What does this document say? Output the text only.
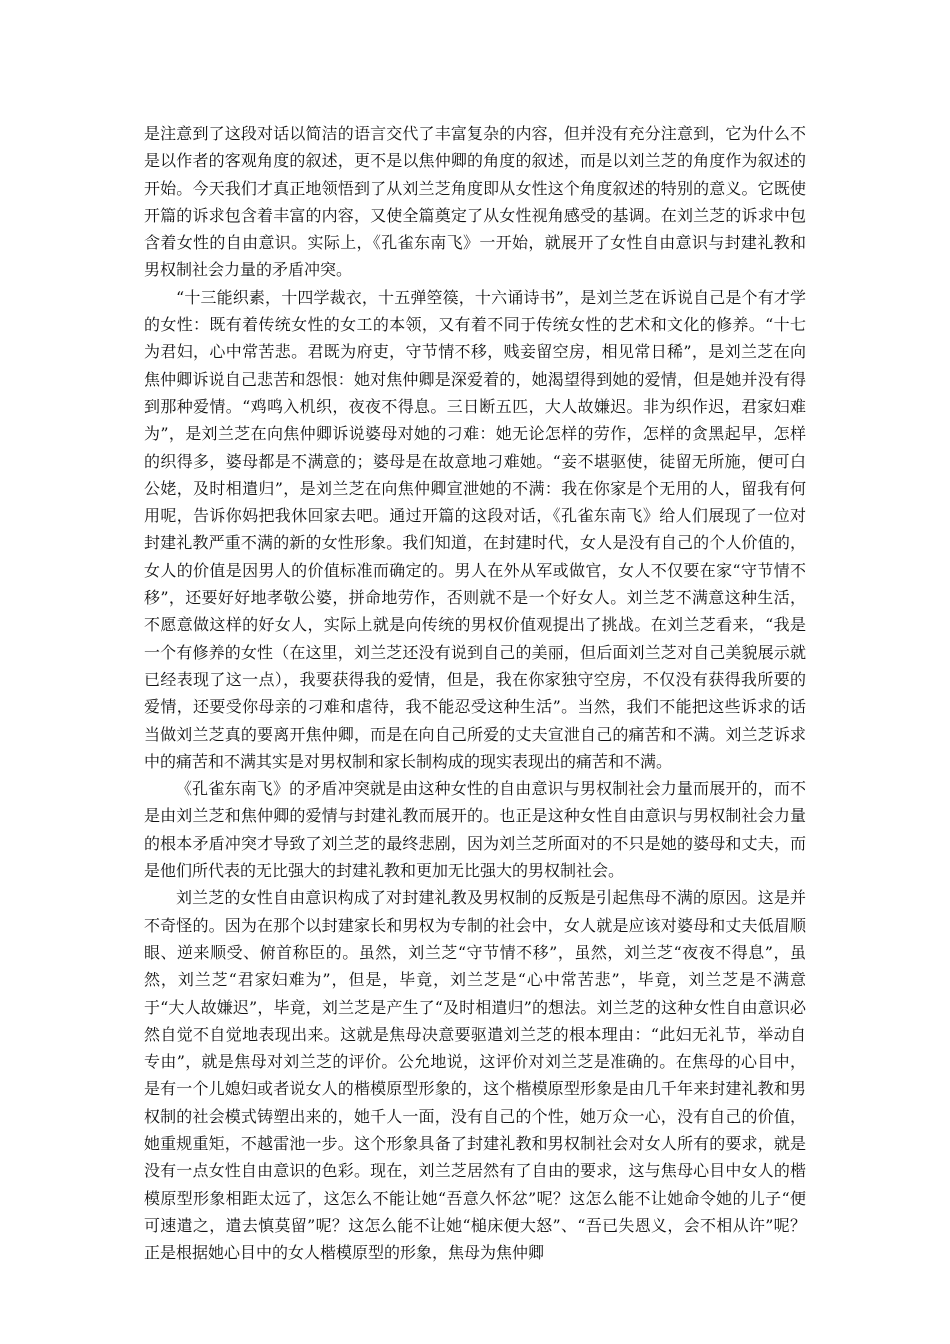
是注意到了这段对话以简洁的语言交代了丰富复杂的内容，但并没有充分注意到，它为什么不是以作者的客观角度的叙述，更不是以焦仲卿的角度的叙述，而是以刘兰芝的角度作为叙述的开始。今天我们才真正地领悟到了从刘兰芝角度即从女性这个角度叙述的特别的意义。它既使开篇的诉求包含着丰富的内容，又使全篇奠定了从女性视角感受的基调。在刘兰芝的诉求中包含着女性的自由意识。实际上，《孔雀东南飞》一开始，就展开了女性自由意识与封建礼教和男权制社会力量的矛盾冲突。

“十三能织素，十四学裁衣，十五弹箜篌，十六诵诗书”，是刘兰芝在诉说自己是个有才学的女性：既有着传统女性的女工的本领，又有着不同于传统女性的艺术和文化的修养。“十七为君妇，心中常苦悲。君既为府吏，守节情不移，贱妾留空房，相见常日稀”，是刘兰芝在向焦仲卿诉说自己悲苦和怨恨：她对焦仲卿是深爱着的，她渴望得到她的爱情，但是她并没有得到那种爱情。“鸡鸣入机织，夜夜不得息。三日断五匹，大人故嫌迟。非为织作迟，君家妇难为”，是刘兰芝在向焦仲卿诉说婆母对她的刁难：她无论怎样的劳作，怎样的贪黑起早，怎样的织得多，婆母都是不满意的；婆母是在故意地刁难她。“妾不堪驱使，徒留无所施，便可白公姥，及时相遣归”，是刘兰芝在向焦仲卿宣泄她的不满：我在你家是个无用的人，留我有何用呢，告诉你妈把我休回家去吧。通过开篇的这段对话，《孔雀东南飞》给人们展现了一位对封建礼教严重不满的新的女性形象。我们知道，在封建时代，女人是没有自己的个人价值的，女人的价值是因男人的价值标准而确定的。男人在外从军或做官，女人不仅要在家“守节情不移”，还要好好地孝敬公婆，拼命地劳作，否则就不是一个好女人。刘兰芝不满意这种生活，不愿意做这样的好女人，实际上就是向传统的男权价值观提出了挑战。在刘兰芝看来，“我是一个有修养的女性（在这里，刘兰芝还没有说到自己的美丽，但后面刘兰芝对自己美貌展示就已经表现了这一点），我要获得我的爱情，但是，我在你家独守空房，不仅没有获得我所要的爱情，还要受你母亲的刁难和虐待，我不能忍受这种生活”。当然，我们不能把这些诉求的话当做刘兰芝真的要离开焦仲卿，而是在向自己所爱的丈夫宣泄自己的痛苦和不满。刘兰芝诉求中的痛苦和不满其实是对男权制和家长制构成的现实表现出的痛苦和不满。

《孔雀东南飞》的矛盾冲突就是由这种女性的自由意识与男权制社会力量而展开的，而不是由刘兰芝和焦仲卿的爱情与封建礼教而展开的。也正是这种女性自由意识与男权制社会力量的根本矛盾冲突才导致了刘兰芝的最终悲剧，因为刘兰芝所面对的不只是她的婆母和丈夫，而是他们所代表的无比强大的封建礼教和更加无比强大的男权制社会。

刘兰芝的女性自由意识构成了对封建礼教及男权制的反叛是引起焦母不满的原因。这是并不奇怪的。因为在那个以封建家长和男权为专制的社会中，女人就是应该对婆母和丈夫低眉顺眼、逆来顺受、俯首称臣的。虽然，刘兰芝“守节情不移”，虽然，刘兰芝“夜夜不得息”，虽然，刘兰芝“君家妇难为”，但是，毕竟，刘兰芝是“心中常苦悲”，毕竟，刘兰芝是不满意于“大人故嫌迟”，毕竟，刘兰芝是产生了“及时相遣归”的想法。刘兰芝的这种女性自由意识必然自觉不自觉地表现出来。这就是焦母决意要驱遣刘兰芝的根本理由：“此妇无礼节，举动自专由”，就是焦母对刘兰芝的评价。公允地说，这评价对刘兰芝是准确的。在焦母的心目中，是有一个儿媳妇或者说女人的楷模原型形象的，这个楷模原型形象是由几千年来封建礼教和男权制的社会模式铸塑出来的，她千人一面，没有自己的个性，她万众一心，没有自己的价值，她重规重矩，不越雷池一步。这个形象具备了封建礼教和男权制社会对女人所有的要求，就是没有一点女性自由意识的色彩。现在，刘兰芝居然有了自由的要求，这与焦母心目中女人的楷模原型形象相距太远了，这怎么不能让她“吾意久怀忿”呢？这怎么能不让她命令她的儿子“便可速遣之，遣去慎莫留”呢？这怎么能不让她“槌床便大怒”、“吾已失恩义，会不相从许”呢？正是根据她心目中的女人楷模原型的形象，焦母为焦仲卿
